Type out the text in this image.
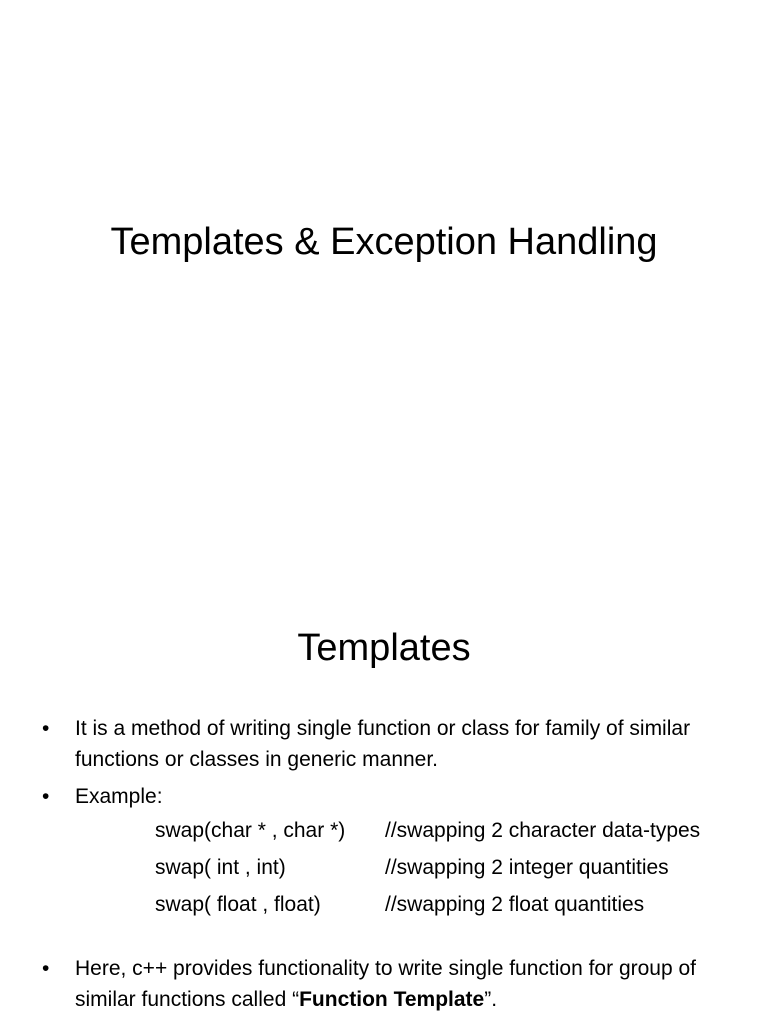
Templates & Exception Handling
Templates
• It is a method of writing single function or class for family of similar functions or classes in generic manner.
• Example:
swap(char * , char *)	//swapping 2 character data-types
swap( int , int)	//swapping 2 integer quantities
swap( float , float)	//swapping 2 float quantities
• Here, c++ provides functionality to write single function for group of similar functions called “Function Template”.
